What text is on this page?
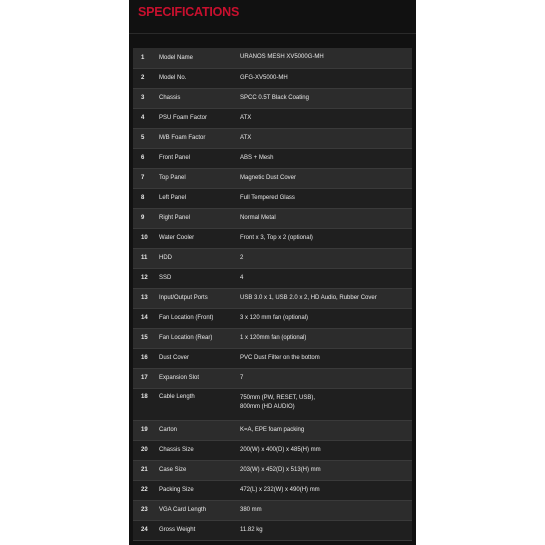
SPECIFICATIONS
1	Model Name	URANOS MESH XV5000G-MH

2	Model No.	GFG-XV5000-MH

3	Chassis	SPCC 0.5T Black Coating

4	PSU Foam Factor	ATX

5	M/B Foam Factor	ATX

6	Front Panel	ABS + Mesh

7	Top Panel	Magnetic Dust Cover

8	Left Panel	Full Tempered Glass

9	Right Panel	Normal Metal

10	Water Cooler	Front x 3, Top x 2 (optional)

11	HDD	2

12	SSD	4

13	Input/Output Ports	USB 3.0 x 1, USB 2.0 x 2, HD Audio, Rubber Cover

14	Fan Location (Front)	3 x 120 mm fan (optional)

15	Fan Location (Rear)	1 x 120mm fan (optional)

16	Dust Cover	PVC Dust Filter on the bottom

17	Expansion Slot	7

18	Cable Length	750mm (PW, RESET, USB),
800mm (HD AUDIO)

19	Carton	K=A, EPE foam packing

20	Chassis Size	200(W) x 400(D) x 485(H) mm

21	Case Size	203(W) x 452(D) x 513(H) mm

22	Packing Size	472(L) x 232(W) x 490(H) mm

23	VGA Card Length	380 mm

24	Gross Weight	11.82 kg
